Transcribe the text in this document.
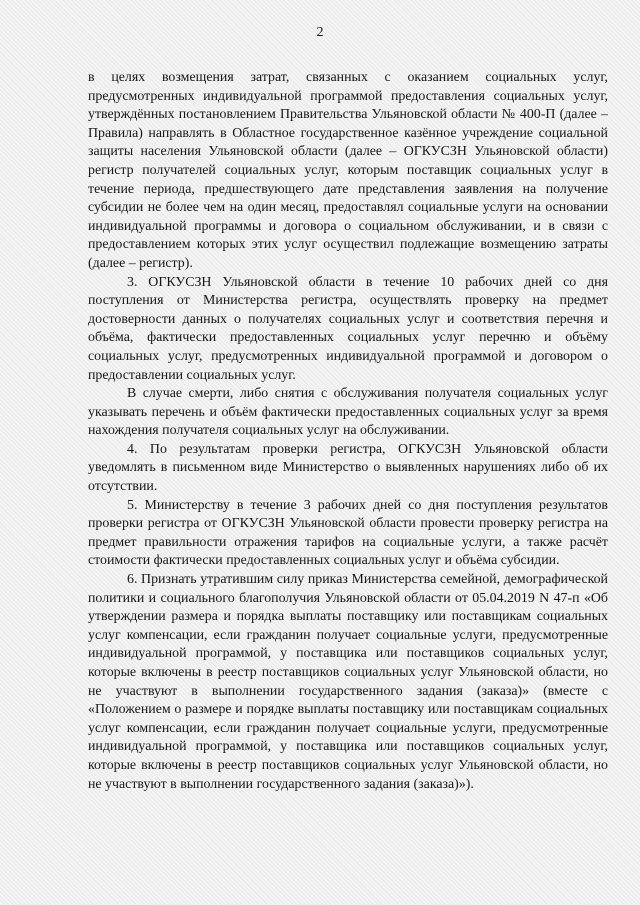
2

в целях возмещения затрат, связанных с оказанием социальных услуг, предусмотренных индивидуальной программой предоставления социальных услуг, утверждённых постановлением Правительства Ульяновской области № 400-П (далее – Правила) направлять в Областное государственное казённое учреждение социальной защиты населения Ульяновской области (далее – ОГКУСЗН Ульяновской области) регистр получателей социальных услуг, которым поставщик социальных услуг в течение периода, предшествующего дате представления заявления на получение субсидии не более чем на один месяц, предоставлял социальные услуги на основании индивидуальной программы и договора о социальном обслуживании, и в связи с предоставлением которых этих услуг осуществил подлежащие возмещению затраты (далее – регистр).

3. ОГКУСЗН Ульяновской области в течение 10 рабочих дней со дня поступления от Министерства регистра, осуществлять проверку на предмет достоверности данных о получателях социальных услуг и соответствия перечня и объёма, фактически предоставленных социальных услуг перечню и объёму социальных услуг, предусмотренных индивидуальной программой и договором о предоставлении социальных услуг.

В случае смерти, либо снятия с обслуживания получателя социальных услуг указывать перечень и объём фактически предоставленных социальных услуг за время нахождения получателя социальных услуг на обслуживании.

4. По результатам проверки регистра, ОГКУСЗН Ульяновской области уведомлять в письменном виде Министерство о выявленных нарушениях либо об их отсутствии.

5. Министерству в течение 3 рабочих дней со дня поступления результатов проверки регистра от ОГКУСЗН Ульяновской области провести проверку регистра на предмет правильности отражения тарифов на социальные услуги, а также расчёт стоимости фактически предоставленных социальных услуг и объёма субсидии.

6. Признать утратившим силу приказ Министерства семейной, демографической политики и социального благополучия Ульяновской области от 05.04.2019 N 47-п «Об утверждении размера и порядка выплаты поставщику или поставщикам социальных услуг компенсации, если гражданин получает социальные услуги, предусмотренные индивидуальной программой, у поставщика или поставщиков социальных услуг, которые включены в реестр поставщиков социальных услуг Ульяновской области, но не участвуют в выполнении государственного задания (заказа)» (вместе с «Положением о размере и порядке выплаты поставщику или поставщикам социальных услуг компенсации, если гражданин получает социальные услуги, предусмотренные индивидуальной программой, у поставщика или поставщиков социальных услуг, которые включены в реестр поставщиков социальных услуг Ульяновской области, но не участвуют в выполнении государственного задания (заказа)»).
